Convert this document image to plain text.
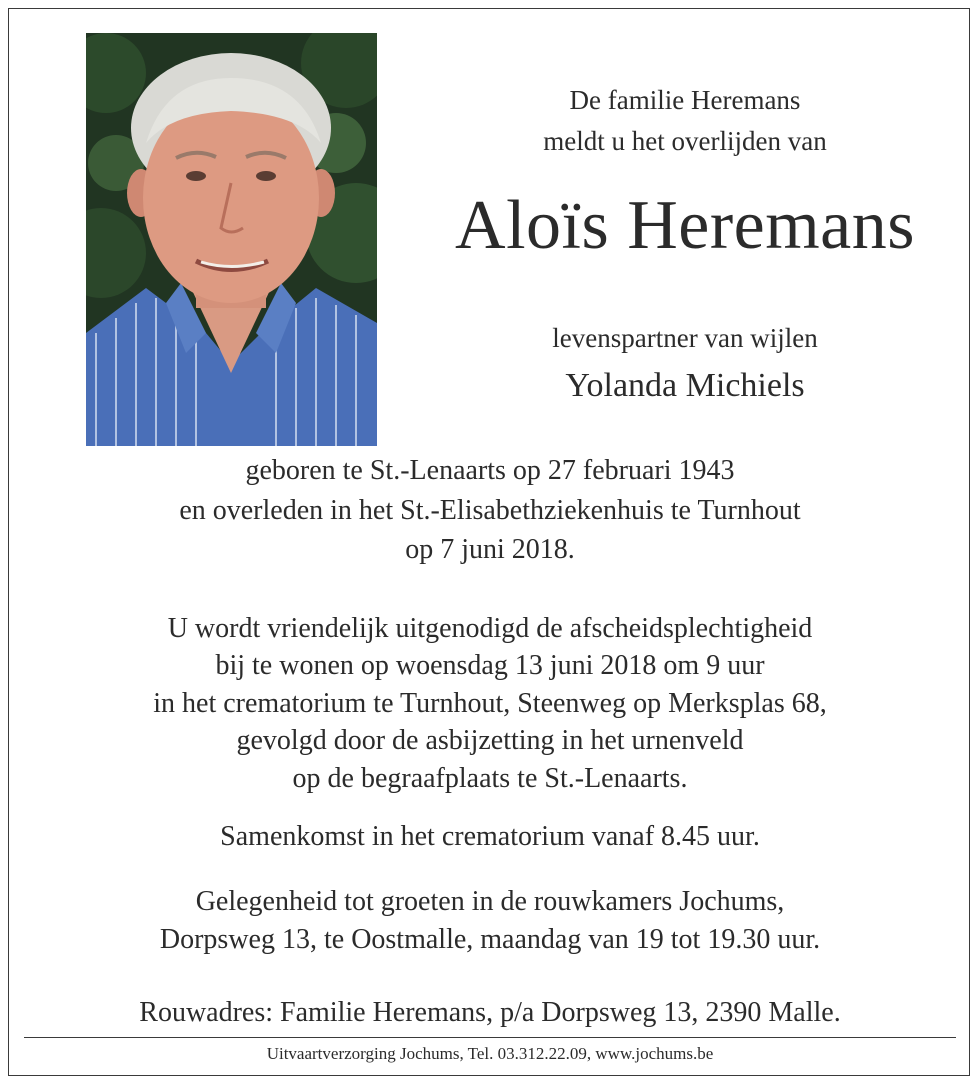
De familie Heremans
meldt u het overlijden van
Aloïs Heremans
levenspartner van wijlen
Yolanda Michiels
geboren te St.-Lenaarts op 27 februari 1943
en overleden in het St.-Elisabethziekenhuis te Turnhout
op 7 juni 2018.
U wordt vriendelijk uitgenodigd de afscheidsplechtigheid
bij te wonen op woensdag 13 juni 2018 om 9 uur
in het crematorium te Turnhout, Steenweg op Merksplas 68,
gevolgd door de asbijzetting in het urnenveld
op de begraafplaats te St.-Lenaarts.
Samenkomst in het crematorium vanaf 8.45 uur.
Gelegenheid tot groeten in de rouwkamers Jochums,
Dorpsweg 13, te Oostmalle, maandag van 19 tot 19.30 uur.
Rouwadres: Familie Heremans, p/a Dorpsweg 13, 2390 Malle.
Uitvaartverzorging Jochums, Tel. 03.312.22.09, www.jochums.be
